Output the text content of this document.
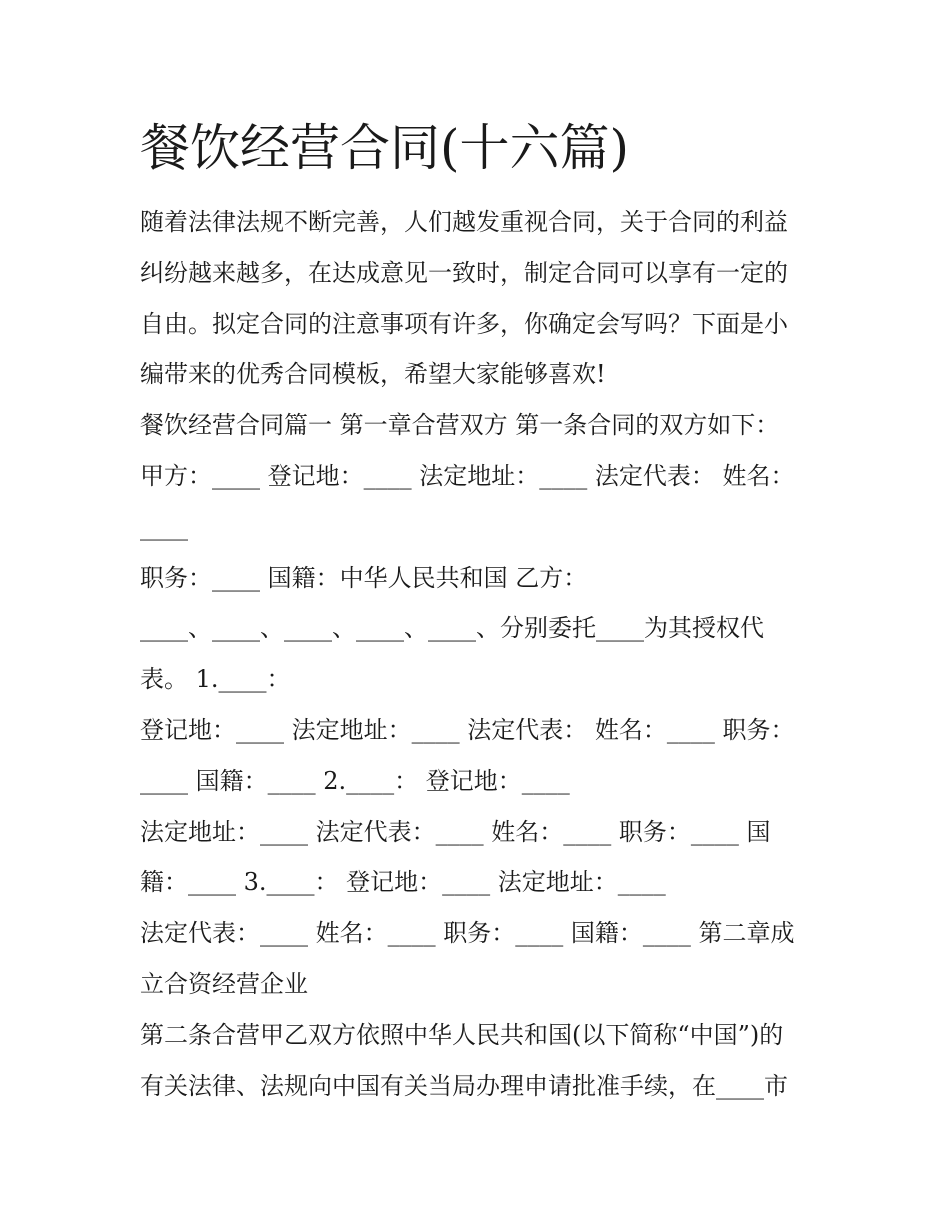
餐饮经营合同(十六篇)
随着法律法规不断完善，人们越发重视合同，关于合同的利益
纠纷越来越多，在达成意见一致时，制定合同可以享有一定的
自由。拟定合同的注意事项有许多，你确定会写吗？下面是小
编带来的优秀合同模板，希望大家能够喜欢!
餐饮经营合同篇一 第一章合营双方 第一条合同的双方如下：
甲方：____ 登记地：____ 法定地址：____ 法定代表： 姓名：
____
职务：____ 国籍：中华人民共和国 乙方：
____、____、____、____、____、分别委托____为其授权代
表。 1.____：
登记地：____ 法定地址：____ 法定代表： 姓名：____ 职务：
____ 国籍：____ 2.____： 登记地：____
法定地址：____ 法定代表：____ 姓名：____ 职务：____ 国
籍：____ 3.____： 登记地：____ 法定地址：____
法定代表：____ 姓名：____ 职务：____ 国籍：____ 第二章成
立合资经营企业
第二条合营甲乙双方依照中华人民共和国(以下简称“中国”)的
有关法律、法规向中国有关当局办理申请批准手续，在____市
